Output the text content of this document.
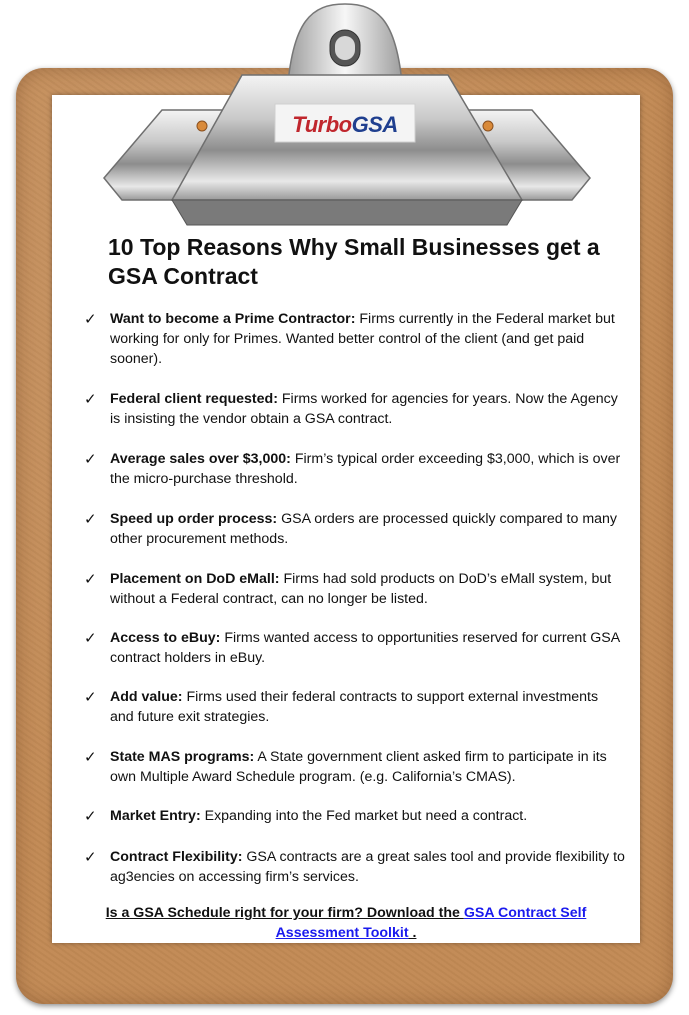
TurboGSA
10 Top Reasons Why Small Businesses get a GSA Contract
✓ Want to become a Prime Contractor: Firms currently in the Federal market but working for only for Primes. Wanted better control of the client (and get paid sooner).
✓ Federal client requested: Firms worked for agencies for years. Now the Agency is insisting the vendor obtain a GSA contract.
✓ Average sales over $3,000: Firm’s typical order exceeding $3,000, which is over the micro-purchase threshold.
✓ Speed up order process: GSA orders are processed quickly compared to many other procurement methods.
✓ Placement on DoD eMall: Firms had sold products on DoD’s eMall system, but without a Federal contract, can no longer be listed.
✓ Access to eBuy: Firms wanted access to opportunities reserved for current GSA contract holders in eBuy.
✓ Add value: Firms used their federal contracts to support external investments and future exit strategies.
✓ State MAS programs: A State government client asked firm to participate in its own Multiple Award Schedule program. (e.g. California’s CMAS).
✓ Market Entry: Expanding into the Fed market but need a contract.
✓ Contract Flexibility: GSA contracts are a great sales tool and provide flexibility to ag3encies on accessing firm’s services.
Is a GSA Schedule right for your firm? Download the GSA Contract Self Assessment Toolkit .
